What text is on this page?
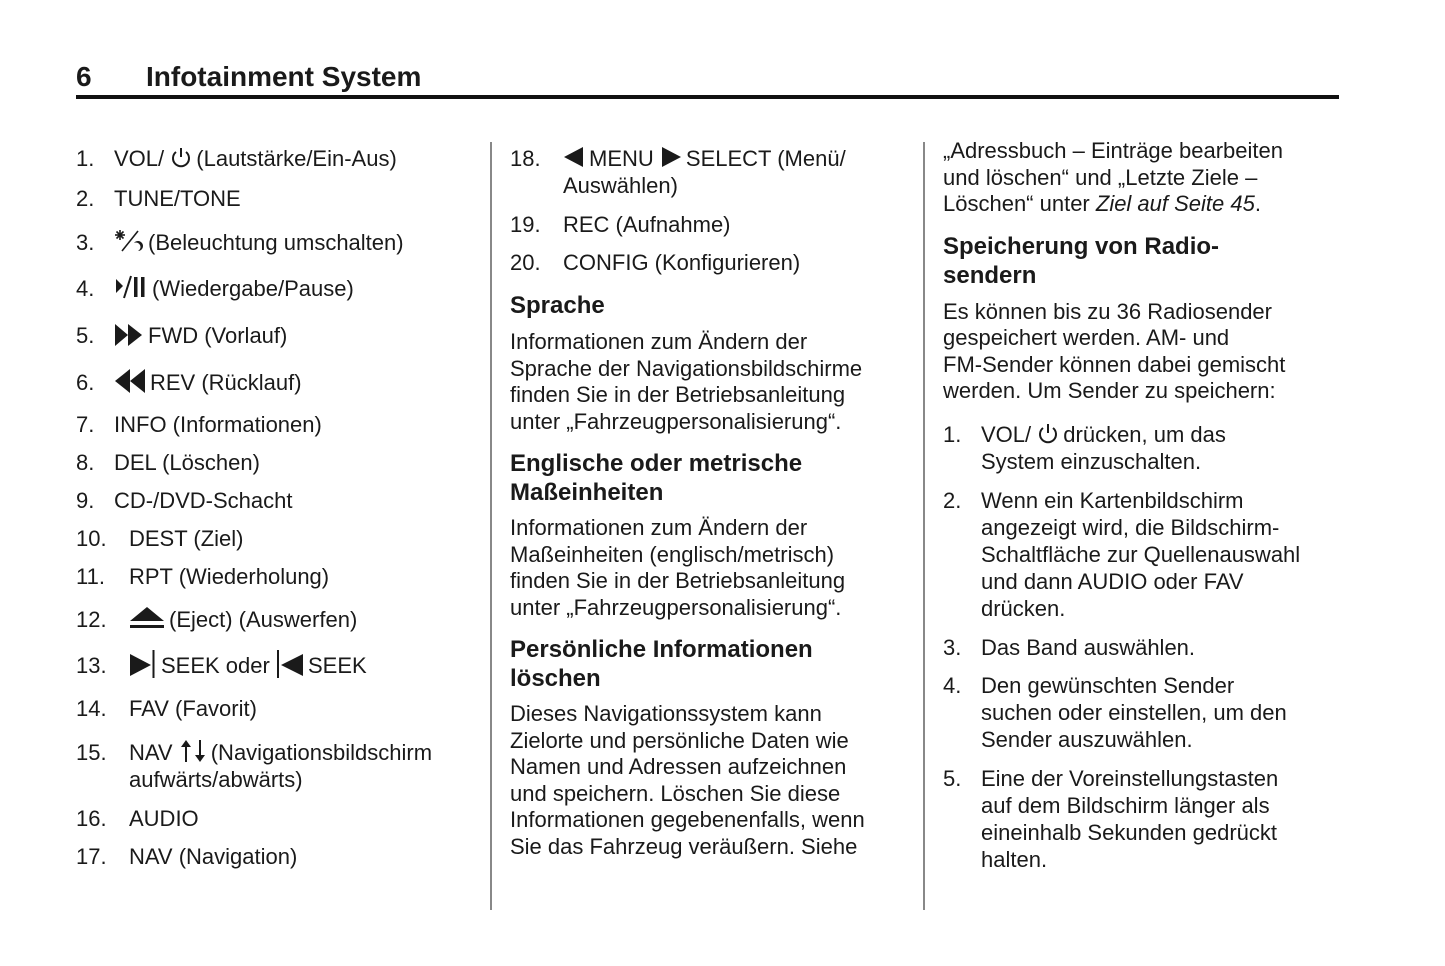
6 Infotainment System
1. VOL/ (Lautstärke/Ein-Aus)
2. TUNE/TONE
3.	(Beleuchtung umschalten)
4.	(Wiedergabe/Pause)
5.	FWD (Vorlauf)
6.	REV (Rücklauf)
7. INFO (Informationen)
8. DEL (Löschen)
9. CD-/DVD-Schacht
10.	DEST (Ziel)
11.	RPT (Wiederholung)
12.	(Eject) (Auswerfen)
13.	SEEK oder SEEK
14.	FAV (Favorit)
15.	NAV (Navigationsbildschirm
aufwärts/abwärts)
16.	AUDIO
17.	NAV (Navigation)
18.	MENU SELECT (Menü/
Auswählen)
19.	REC (Aufnahme)
20.	CONFIG (Konfigurieren)
Sprache

Informationen zum Ändern der

Sprache der Navigationsbildschirme

finden Sie in der Betriebsanleitung

unter „Fahrzeugpersonalisierung“.

Englische oder metrische
Maßeinheiten

Informationen zum Ändern der

Maßeinheiten (englisch/metrisch)

finden Sie in der Betriebsanleitung

unter „Fahrzeugpersonalisierung“.

Persönliche Informationen
löschen

Dieses Navigationssystem kann

Zielorte und persönliche Daten wie

Namen und Adressen aufzeichnen

und speichern. Löschen Sie diese

Informationen gegebenenfalls, wenn

Sie das Fahrzeug veräußern. Siehe

„Adressbuch – Einträge bearbeiten

und löschen“ und „Letzte Ziele –

Löschen“ unter Ziel auf Seite 45.

Speicherung von Radio-
sendern

Es können bis zu 36 Radiosender

gespeichert werden. AM- und

FM-Sender können dabei gemischt

werden. Um Sender zu speichern:

1. VOL/ drücken, um das
System einzuschalten.
2. Wenn ein Kartenbildschirm
angezeigt wird, die Bildschirm-
Schaltfläche zur Quellenauswahl
und dann AUDIO oder FAV
drücken.
3. Das Band auswählen.
4. Den gewünschten Sender
suchen oder einstellen, um den
Sender auszuwählen.
5. Eine der Voreinstellungstasten
auf dem Bildschirm länger als
eineinhalb Sekunden gedrückt
halten.
